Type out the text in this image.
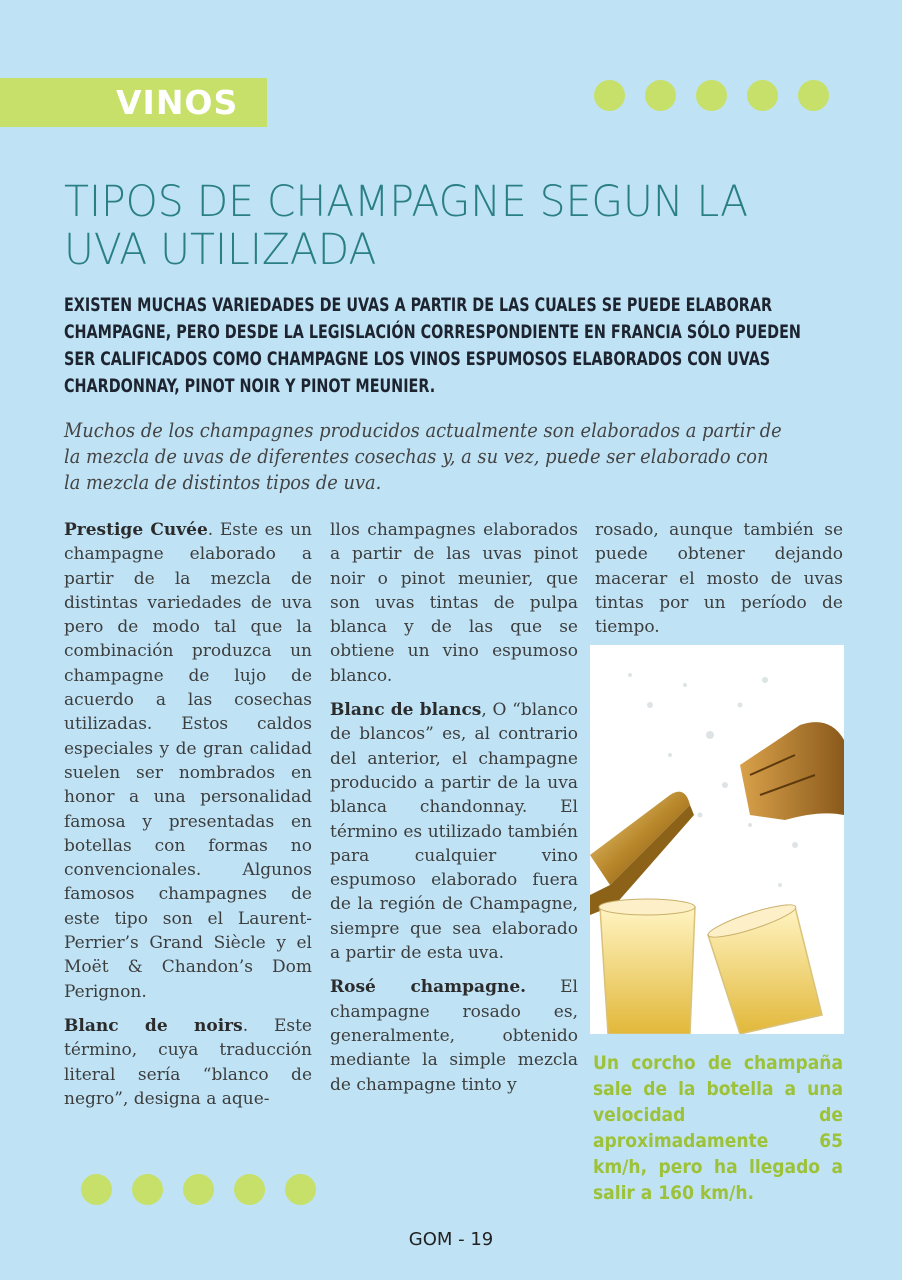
VINOS
TIPOS DE CHAMPAGNE SEGUN LA UVA UTILIZADA

EXISTEN MUCHAS VARIEDADES DE UVAS A PARTIR DE LAS CUALES SE PUEDE ELABORAR CHAMPAGNE, PERO DESDE LA LEGISLACIÓN CORRESPONDIENTE EN FRANCIA SÓLO PUEDEN SER CALIFICADOS COMO CHAMPAGNE LOS VINOS ESPUMOSOS ELABORADOS CON UVAS CHARDONNAY, PINOT NOIR Y PINOT MEUNIER.

Muchos de los champagnes producidos actualmente son elaborados a partir de la mezcla de uvas de diferentes cosechas y, a su vez, puede ser elaborado con la mezcla de distintos tipos de uva.

Prestige Cuvée. Este es un champagne elaborado a partir de la mezcla de distintas variedades de uva pero de modo tal que la combinación produzca un champagne de lujo de acuerdo a las cosechas utilizadas. Estos caldos especiales y de gran calidad suelen ser nombrados en honor a una personalidad famosa y presentadas en botellas con formas no convencionales. Algunos famosos champagnes de este tipo son el Laurent-Perrier’s Grand Siècle y el Moët & Chandon’s Dom Perignon.

Blanc de noirs. Este término, cuya traducción literal sería “blanco de negro”, designa a aque-

llos champagnes elaborados a partir de las uvas pinot noir o pinot meunier, que son uvas tintas de pulpa blanca y de las que se obtiene un vino espumoso blanco.

Blanc de blancs, O “blanco de blancos” es, al contrario del anterior, el champagne producido a partir de la uva blanca chandonnay. El término es utilizado también para cualquier vino espumoso elaborado fuera de la región de Champagne, siempre que sea elaborado a partir de esta uva.

Rosé champagne. El champagne rosado es, generalmente, obtenido mediante la simple mezcla de champagne tinto y

rosado, aunque también se puede obtener dejando macerar el mosto de uvas tintas por un período de tiempo.

Un corcho de champaña sale de la botella a una velocidad de aproximadamente 65 km/h, pero ha llegado a salir a 160 km/h.

GOM - 19
